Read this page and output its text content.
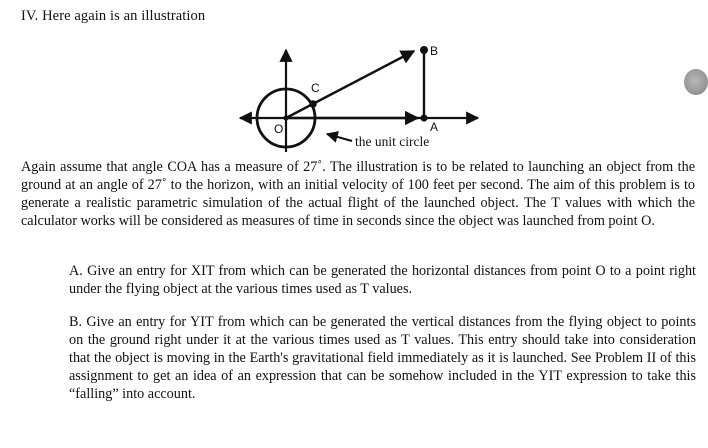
IV. Here again is an illustration
C
B
O	A
the unit circle
Again assume that angle COA has a measure of 27˚. The illustration is to be related to launching an object from the ground at an angle of 27˚ to the horizon, with an initial velocity of 100 feet per second. The aim of this problem is to generate a realistic parametric simulation of the actual flight of the launched object. The T values with which the calculator works will be considered as measures of time in seconds since the object was launched from point O.
A. Give an entry for XIT from which can be generated the horizontal distances from point O to a point right under the flying object at the various times used as T values.
B. Give an entry for YIT from which can be generated the vertical distances from the flying object to points on the ground right under it at the various times used as T values. This entry should take into consideration that the object is moving in the Earth's gravitational field immediately as it is launched. See Problem II of this assignment to get an idea of an expression that can be somehow included in the YIT expression to take this “falling” into account.
